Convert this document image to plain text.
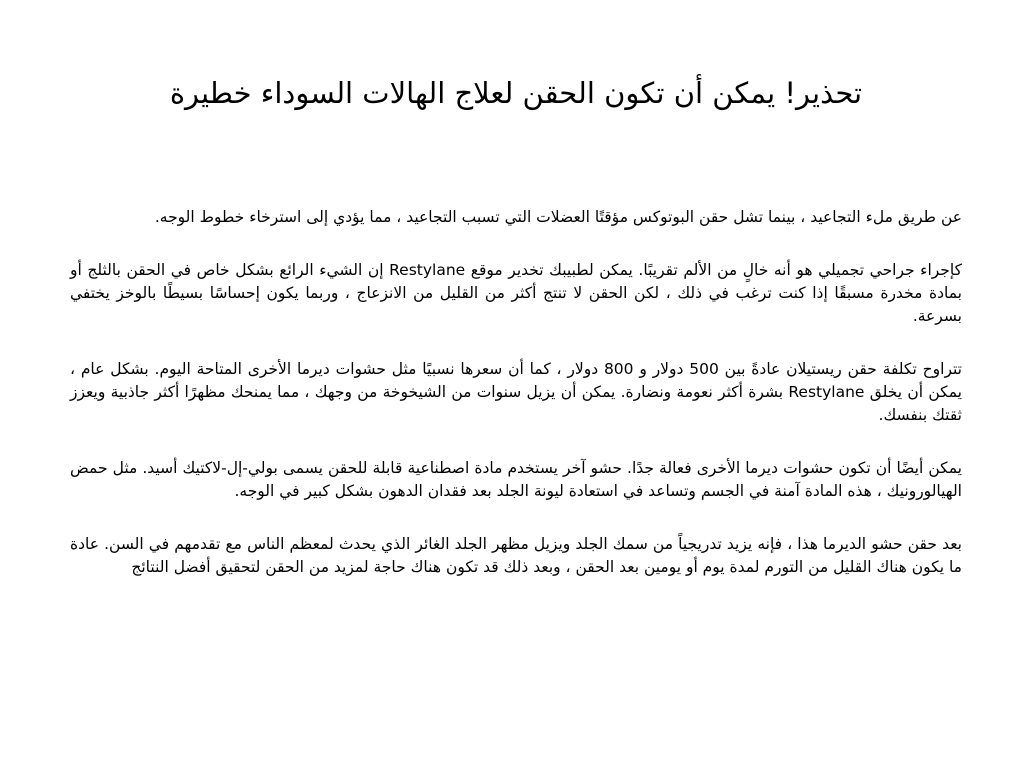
تحذير! يمكن أن تكون الحقن لعلاج الهالات السوداء خطيرة

عن طريق ملء التجاعيد ، بينما تشل حقن البوتوكس مؤقتًا العضلات التي تسبب التجاعيد ، مما يؤدي إلى استرخاء خطوط الوجه.

كإجراء جراحي تجميلي هو أنه خالٍ من الألم تقريبًا. يمكن لطبيبك تخدير موقع Restylane إن الشيء الرائع بشكل خاص في الحقن بالثلج أو بمادة مخدرة مسبقًا إذا كنت ترغب في ذلك ، لكن الحقن لا تنتج أكثر من القليل من الانزعاج ، وربما يكون إحساسًا بسيطًا بالوخز يختفي بسرعة.

تتراوح تكلفة حقن ريستيلان عادةً بين 500 دولار و 800 دولار ، كما أن سعرها نسبيًا مثل حشوات ديرما الأخرى المتاحة اليوم. بشكل عام ، يمكن أن يخلق Restylane بشرة أكثر نعومة ونضارة. يمكن أن يزيل سنوات من الشيخوخة من وجهك ، مما يمنحك مظهرًا أكثر جاذبية ويعزز ثقتك بنفسك.

يمكن أيضًا أن تكون حشوات ديرما الأخرى فعالة جدًا. حشو آخر يستخدم مادة اصطناعية قابلة للحقن يسمى بولي-إل-لاكتيك أسيد. مثل حمض الهيالورونيك ، هذه المادة آمنة في الجسم وتساعد في استعادة ليونة الجلد بعد فقدان الدهون بشكل كبير في الوجه.

بعد حقن حشو الديرما هذا ، فإنه يزيد تدريجياً من سمك الجلد ويزيل مظهر الجلد الغائر الذي يحدث لمعظم الناس مع تقدمهم في السن. عادة ما يكون هناك القليل من التورم لمدة يوم أو يومين بعد الحقن ، وبعد ذلك قد تكون هناك حاجة لمزيد من الحقن لتحقيق أفضل النتائج
